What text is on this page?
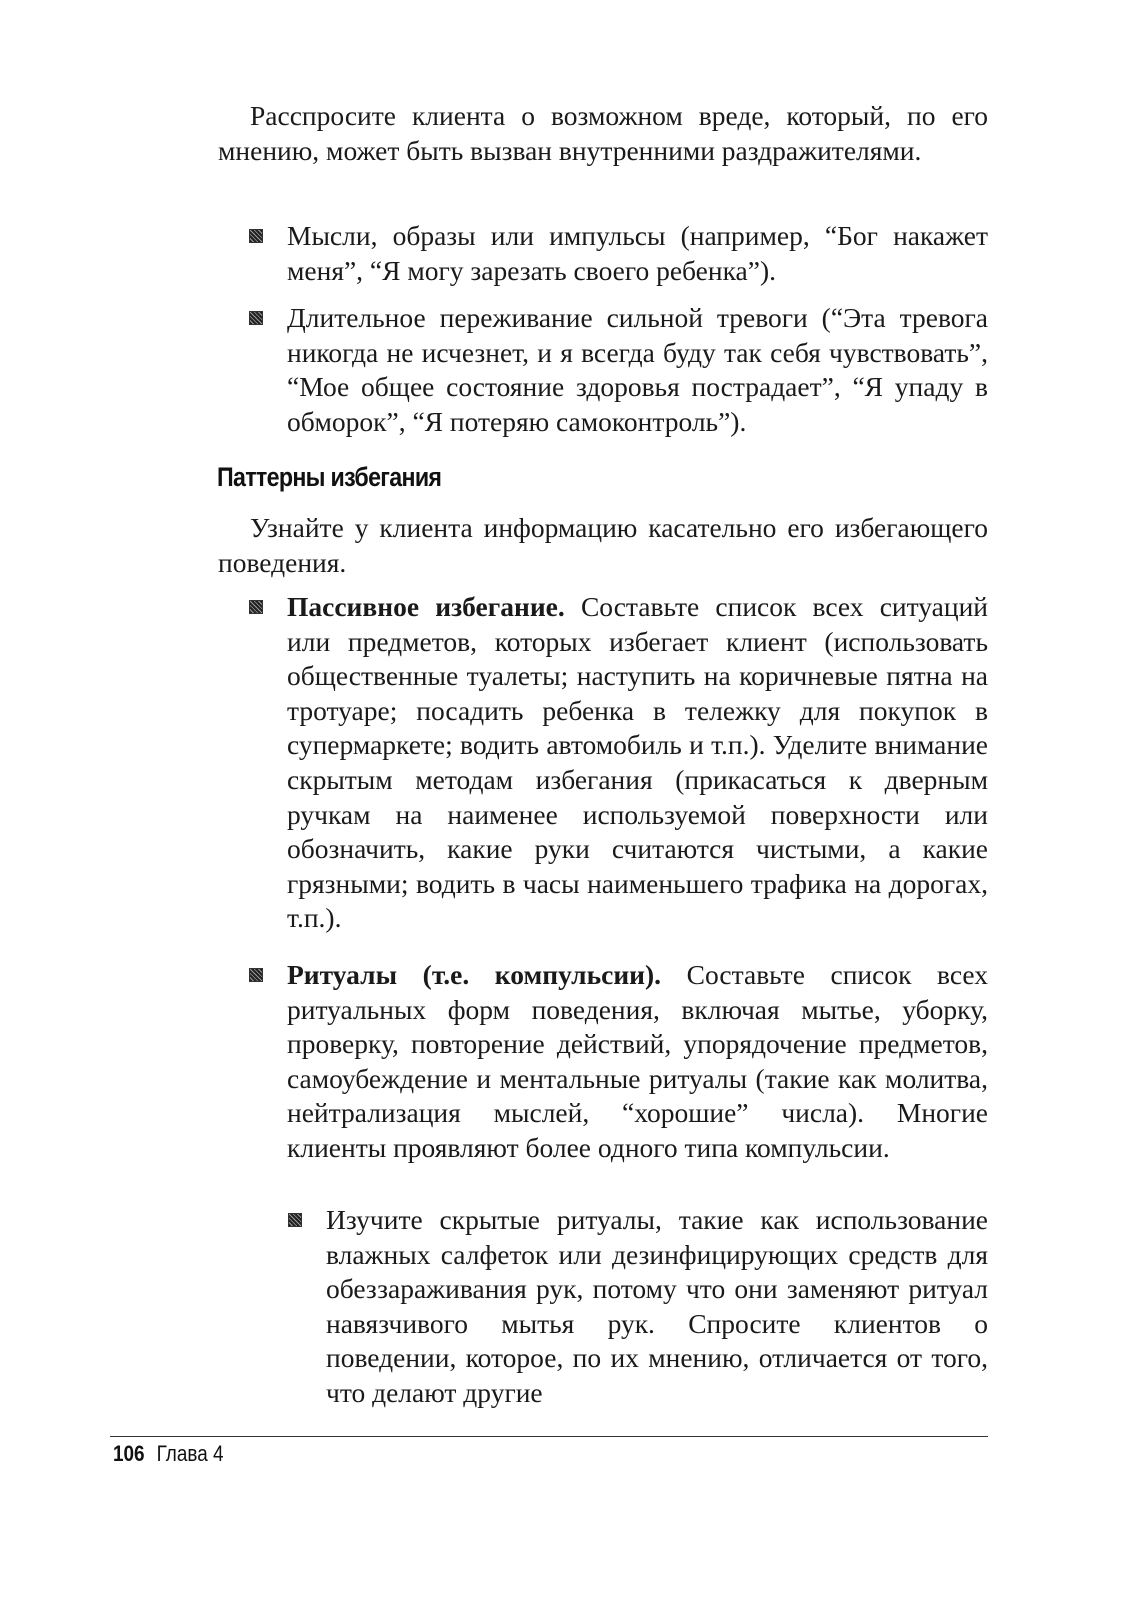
Расспросите клиента о возможном вреде, который, по его мнению, может быть вызван внутренними раздражителями.

Мысли, образы или импульсы (например, “Бог накажет меня”, “Я могу зарезать своего ребенка”).
Длительное переживание сильной тревоги (“Эта тревога никогда не исчезнет, и я всегда буду так себя чувствовать”, “Мое общее состояние здоровья пострадает”, “Я упаду в обморок”, “Я потеряю самоконтроль”).
Паттерны избегания

Узнайте у клиента информацию касательно его избегающего поведения.

Пассивное избегание. Составьте список всех ситуаций или предметов, которых избегает клиент (использовать общественные туалеты; наступить на коричневые пятна на тротуаре; посадить ребенка в тележку для покупок в супермаркете; водить автомобиль и т.п.). Уделите внимание скрытым методам избегания (прикасаться к дверным ручкам на наименее используемой поверхности или обозначить, какие руки считаются чистыми, а какие грязными; водить в часы наименьшего трафика на дорогах, т.п.).
Ритуалы (т.е. компульсии). Составьте список всех ритуальных форм поведения, включая мытье, уборку, проверку, повторение действий, упорядочение предметов, самоубеждение и ментальные ритуалы (такие как молитва, нейтрализация мыслей, “хорошие” числа). Многие клиенты проявляют более одного типа компульсии.
Изучите скрытые ритуалы, такие как использование влажных салфеток или дезинфицирующих средств для обеззараживания рук, потому что они заменяют ритуал навязчивого мытья рук. Спросите клиентов о поведении, которое, по их мнению, отличается от того, что делают другие
106 Глава 4
